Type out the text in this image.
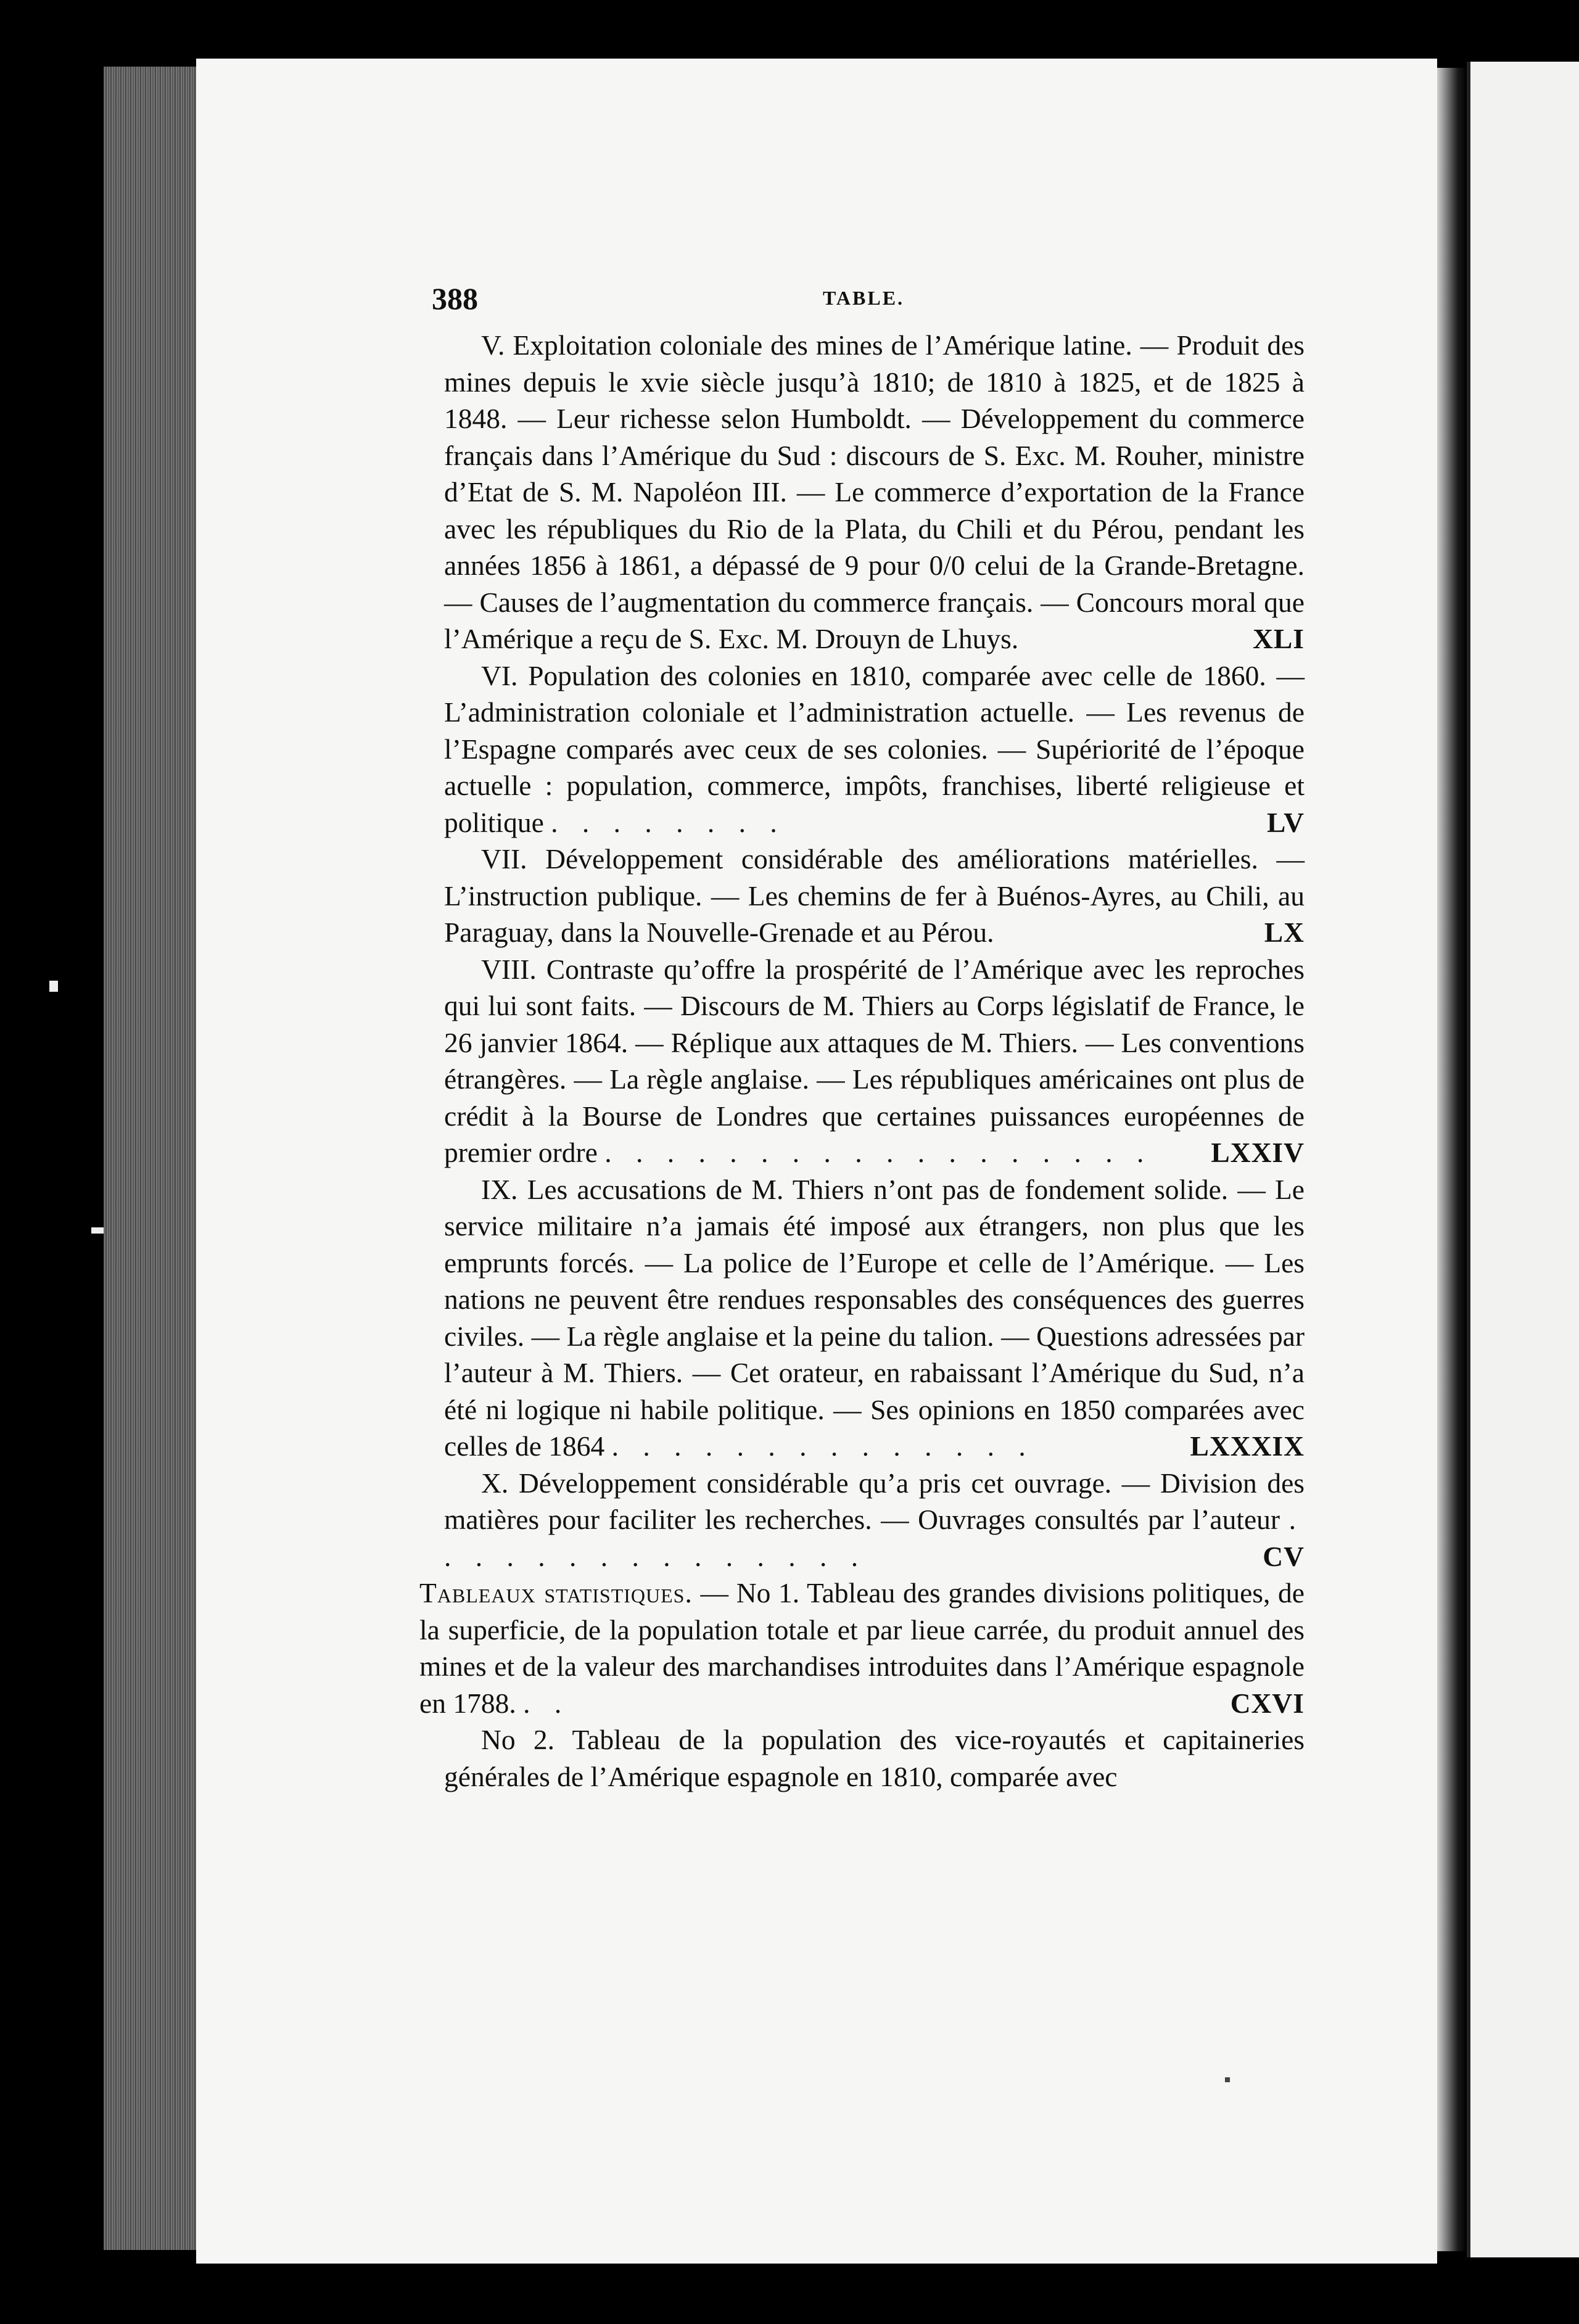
388	TABLE.

V. Exploitation coloniale des mines de l’Amérique latine. — Produit des mines depuis le xvie siècle jusqu’à 1810; de 1810 à 1825, et de 1825 à 1848. — Leur richesse selon Humboldt. — Développement du commerce français dans l’Amérique du Sud : discours de S. Exc. M. Rouher, ministre d’Etat de S. M. Napoléon III. — Le commerce d’exportation de la France avec les républiques du Rio de la Plata, du Chili et du Pérou, pendant les années 1856 à 1861, a dépassé de 9 pour 0/0 celui de la Grande-Bretagne. — Causes de l’augmentation du commerce français. — Concours moral que l’Amérique a reçu de S. Exc. M. Drouyn de Lhuys.	XLI

VI. Population des colonies en 1810, comparée avec celle de 1860. — L’administration coloniale et l’administration actuelle. — Les revenus de l’Espagne comparés avec ceux de ses colonies. — Supériorité de l’époque actuelle : population, commerce, impôts, franchises, liberté religieuse et politique . . . . . . . .	LV

VII. Développement considérable des améliorations matérielles. — L’instruction publique. — Les chemins de fer à Buénos-Ayres, au Chili, au Paraguay, dans la Nouvelle-Grenade et au Pérou.	LX

VIII. Contraste qu’offre la prospérité de l’Amérique avec les reproches qui lui sont faits. — Discours de M. Thiers au Corps législatif de France, le 26 janvier 1864. — Réplique aux attaques de M. Thiers. — Les conventions étrangères. — La règle anglaise. — Les républiques américaines ont plus de crédit à la Bourse de Londres que certaines puissances européennes de premier ordre . . . . . . . . . . . . . . . . . .	LXXIV

IX. Les accusations de M. Thiers n’ont pas de fondement solide. — Le service militaire n’a jamais été imposé aux étrangers, non plus que les emprunts forcés. — La police de l’Europe et celle de l’Amérique. — Les nations ne peuvent être rendues responsables des conséquences des guerres civiles. — La règle anglaise et la peine du talion. — Questions adressées par l’auteur à M. Thiers. — Cet orateur, en rabaissant l’Amérique du Sud, n’a été ni logique ni habile politique. — Ses opinions en 1850 comparées avec celles de 1864 . . . . . . . . . . . . . .	LXXXIX

X. Développement considérable qu’a pris cet ouvrage. — Division des matières pour faciliter les recherches. — Ouvrages consultés par l’auteur . . . . . . . . . . . . . . .	CV

Tableaux statistiques. — No 1. Tableau des grandes divisions politiques, de la superficie, de la population totale et par lieue carrée, du produit annuel des mines et de la valeur des marchandises introduites dans l’Amérique espagnole en 1788. . .	CXVI

No 2. Tableau de la population des vice-royautés et capitaineries générales de l’Amérique espagnole en 1810, comparée avec
